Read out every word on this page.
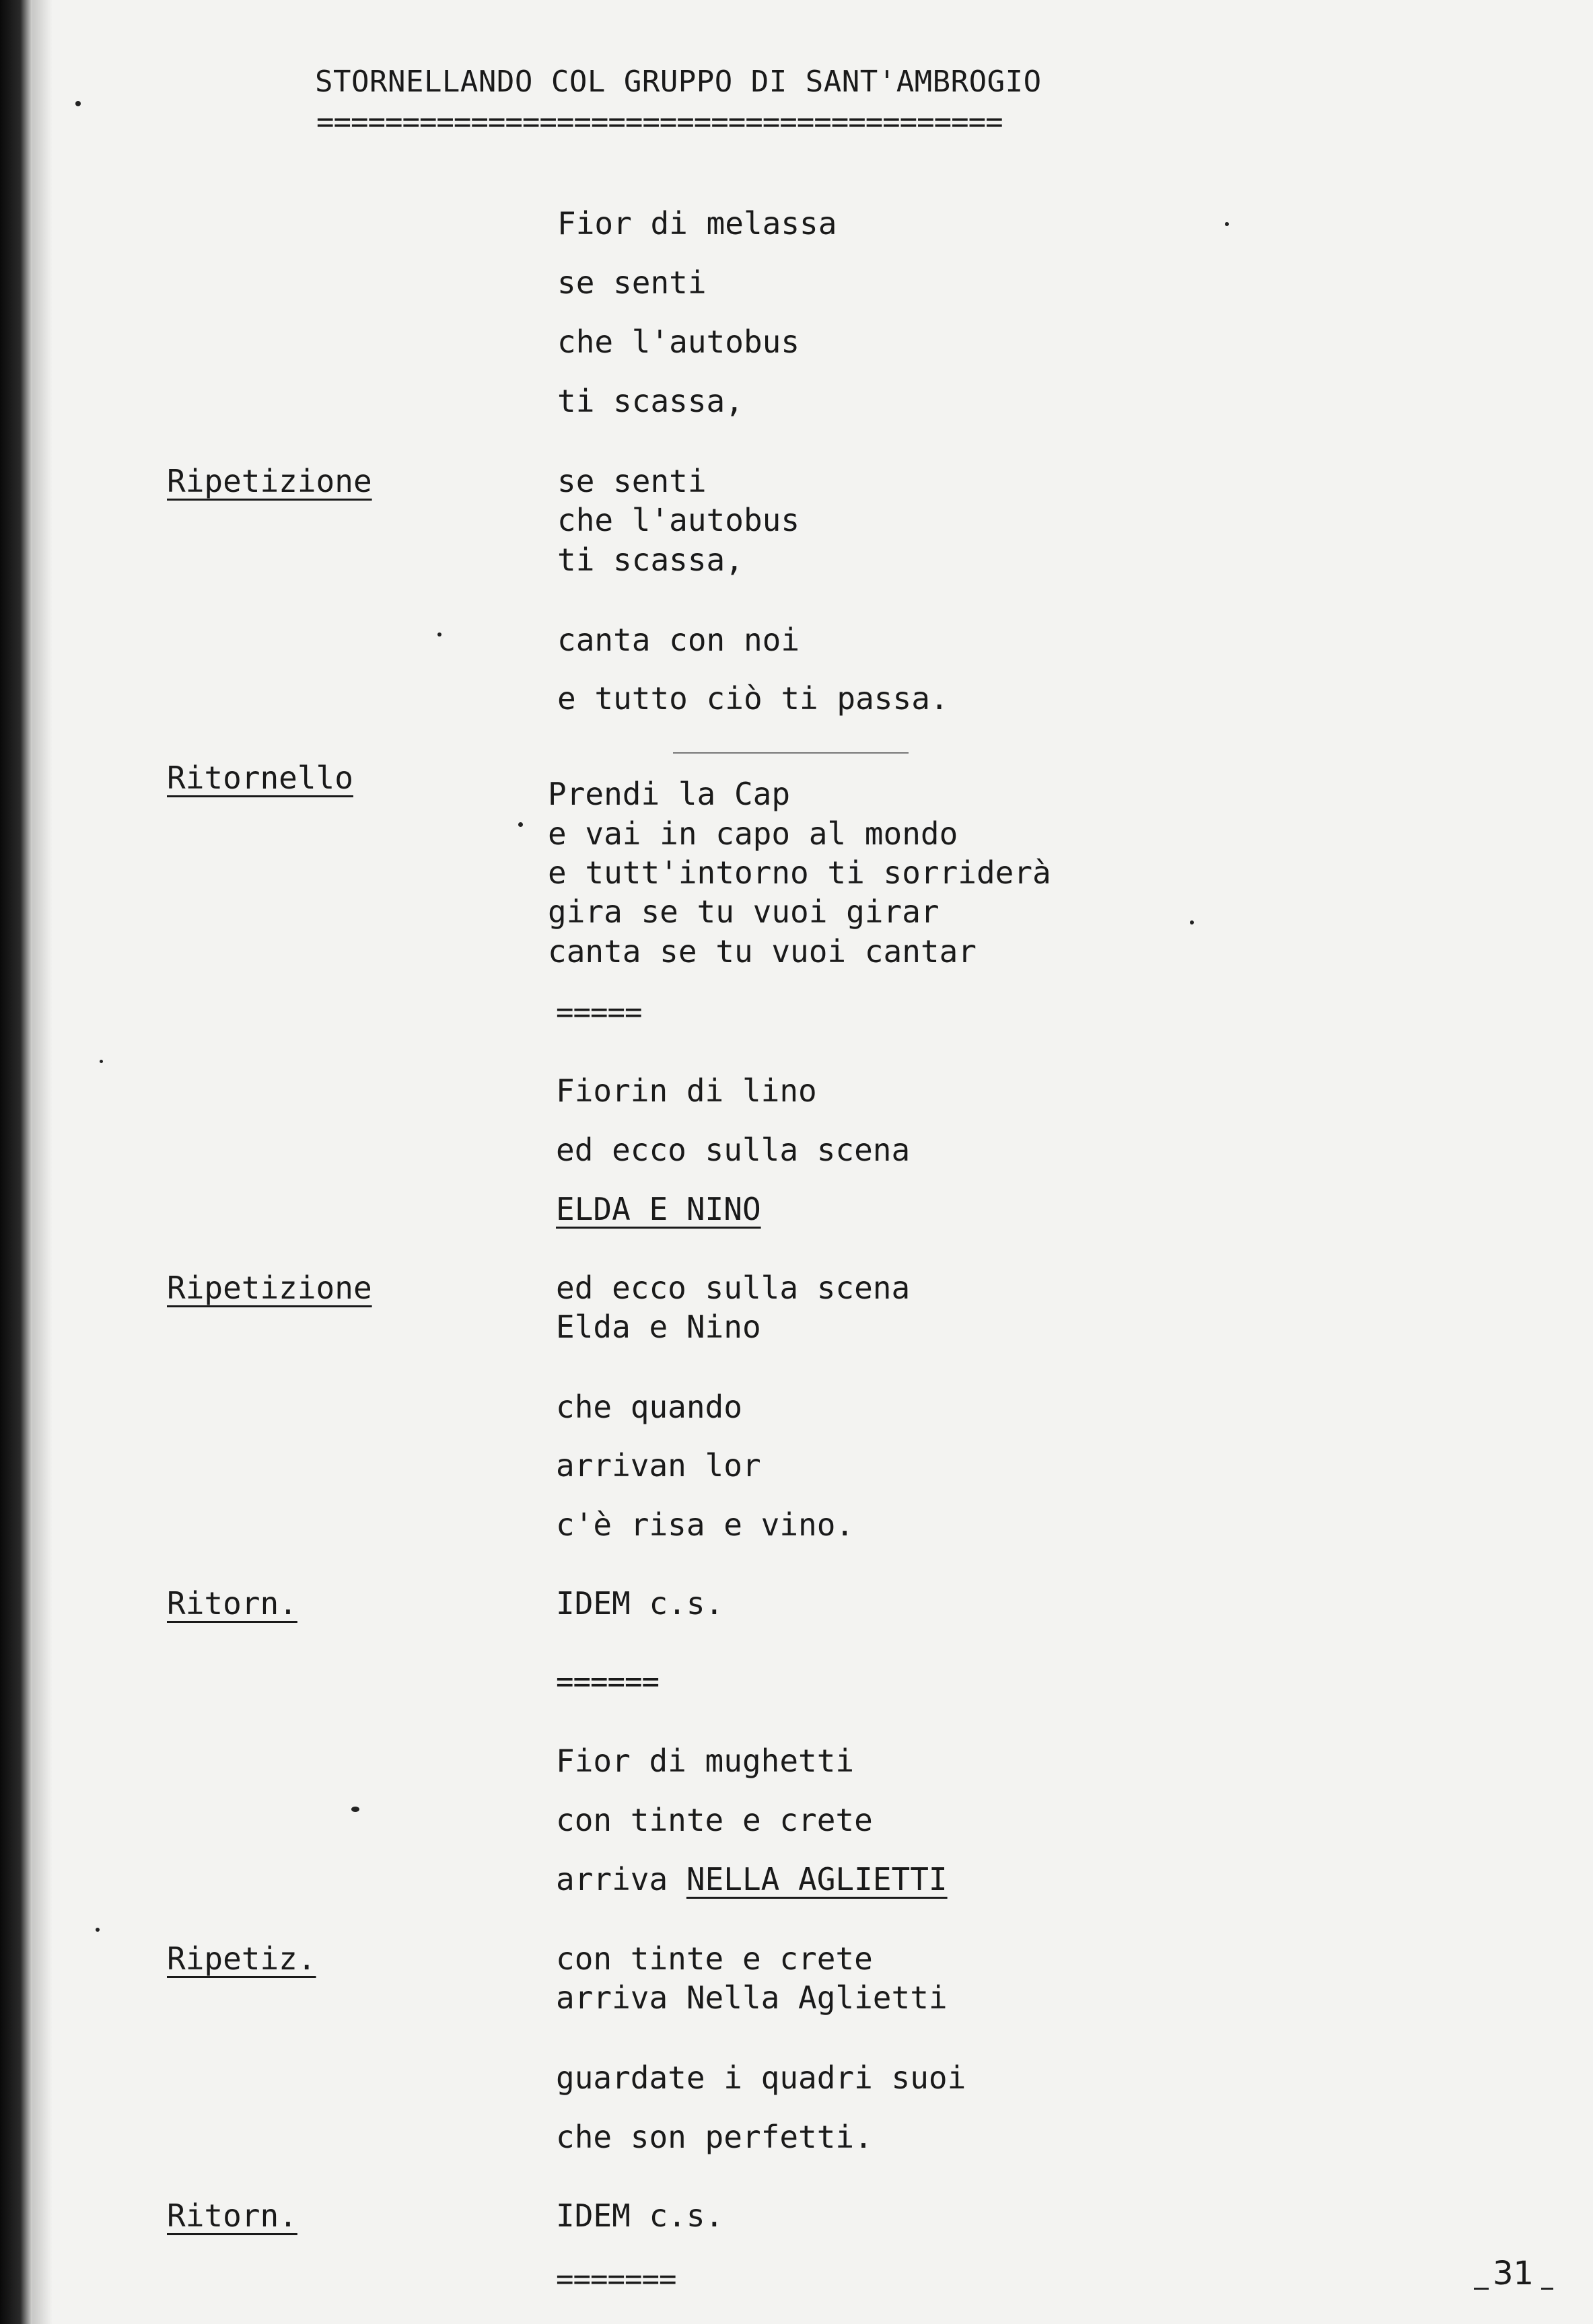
STORNELLANDO COL GRUPPO DI SANT'AMBROGIO
========================================
Fior di melassa
se senti
che l'autobus
ti scassa,
Ripetizione	se senti
che l'autobus
ti scassa,
canta con noi
e tutto ciò ti passa.
Ritornello	Prendi la Cap
e vai in capo al mondo
e tutt'intorno ti sorriderà
gira se tu vuoi girar
canta se tu vuoi cantar
=====
Fiorin di lino
ed ecco sulla scena
ELDA E NINO
Ripetizione	ed ecco sulla scena
Elda e Nino
che quando
arrivan lor
c'è risa e vino.
Ritorn.	IDEM c.s.
======
Fior di mughetti
con tinte e crete
arriva NELLA AGLIETTI
Ripetiz.	con tinte e crete
arriva Nella Aglietti
guardate i quadri suoi
che son perfetti.
Ritorn.	IDEM c.s.
=======	31
